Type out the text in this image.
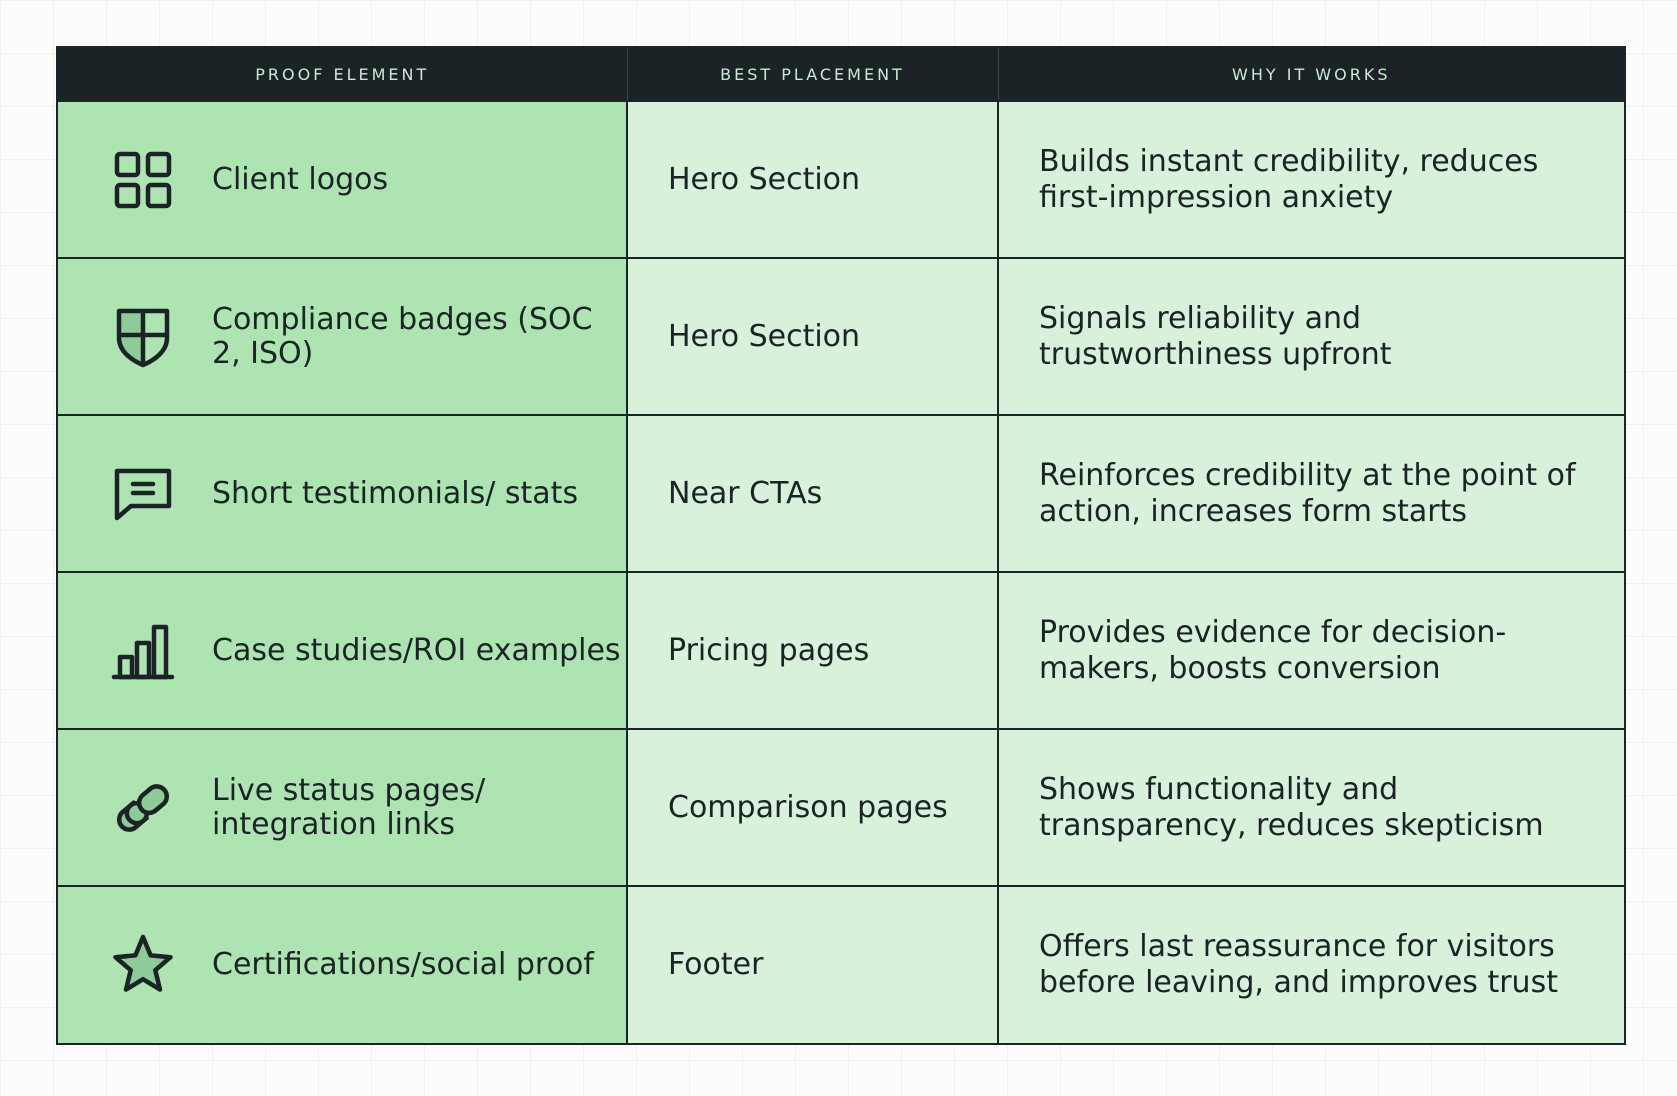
PROOF ELEMENT	BEST PLACEMENT	WHY IT WORKS

Client logos	Hero Section	Builds instant credibility, reduces first-impression anxiety

Compliance badges (SOC 2, ISO)	Hero Section	Signals reliability and trustworthiness upfront

Short testimonials/ stats	Near CTAs	Reinforces credibility at the point of action, increases form starts

Case studies/ROI examples	Pricing pages	Provides evidence for decision-makers, boosts conversion

Live status pages/ integration links	Comparison pages	Shows functionality and transparency, reduces skepticism

Certifications/social proof	Footer	Offers last reassurance for visitors before leaving, and improves trust
